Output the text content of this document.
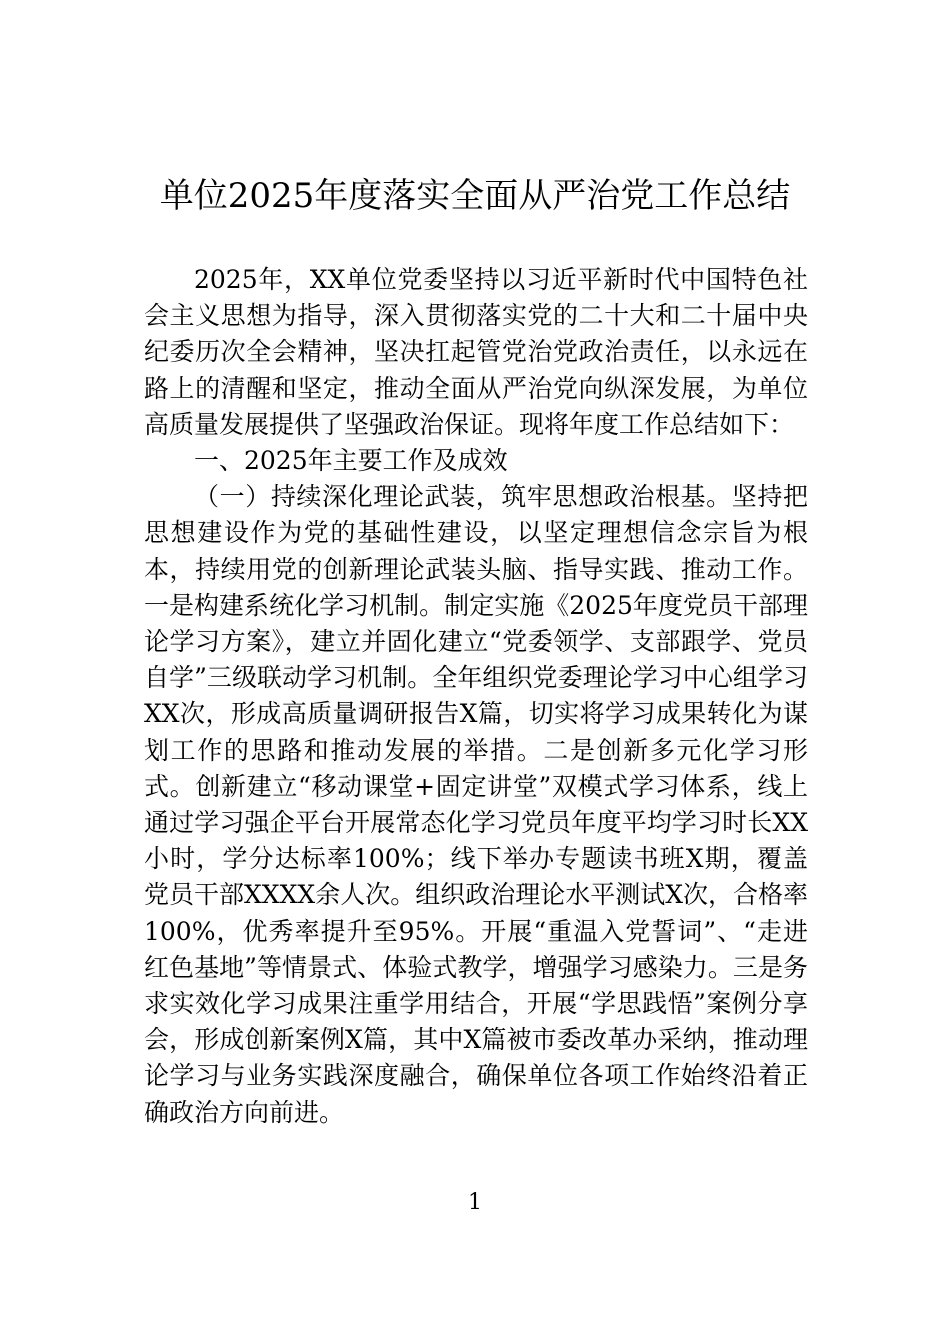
单位2025年度落实全面从严治党工作总结

2025年，XX单位党委坚持以习近平新时代中国特色社会主义思想为指导，深入贯彻落实党的二十大和二十届中央纪委历次全会精神，坚决扛起管党治党政治责任，以永远在路上的清醒和坚定，推动全面从严治党向纵深发展，为单位高质量发展提供了坚强政治保证。现将年度工作总结如下：

一、2025年主要工作及成效

（一）持续深化理论武装，筑牢思想政治根基。坚持把思想建设作为党的基础性建设，以坚定理想信念宗旨为根本，持续用党的创新理论武装头脑、指导实践、推动工作。一是构建系统化学习机制。制定实施《2025年度党员干部理论学习方案》，建立并固化建立“党委领学、支部跟学、党员自学”三级联动学习机制。全年组织党委理论学习中心组学习XX次，形成高质量调研报告X篇，切实将学习成果转化为谋划工作的思路和推动发展的举措。二是创新多元化学习形式。创新建立“移动课堂+固定讲堂”双模式学习体系，线上通过学习强企平台开展常态化学习党员年度平均学习时长XX小时，学分达标率100%；线下举办专题读书班X期，覆盖党员干部XXXX余人次。组织政治理论水平测试X次，合格率100%，优秀率提升至95%。开展“重温入党誓词”、“走进红色基地”等情景式、体验式教学，增强学习感染力。三是务求实效化学习成果注重学用结合，开展“学思践悟”案例分享会，形成创新案例X篇，其中X篇被市委改革办采纳，推动理论学习与业务实践深度融合，确保单位各项工作始终沿着正确政治方向前进。

1
